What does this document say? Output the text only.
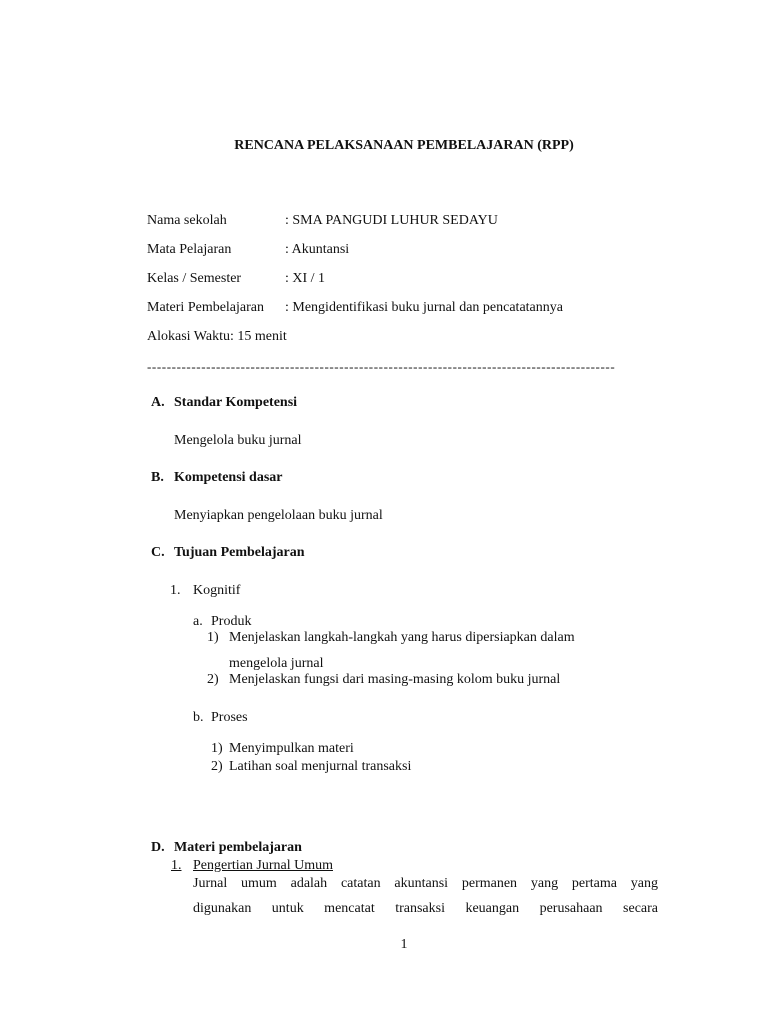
RENCANA PELAKSANAAN PEMBELAJARAN (RPP)
Nama sekolah	: SMA PANGUDI LUHUR SEDAYU
Mata Pelajaran	: Akuntansi
Kelas / Semester	: XI / 1
Materi Pembelajaran : Mengidentifikasi buku jurnal dan pencatatannya
Alokasi Waktu: 15 menit
-----------------------------------------------------------------------------------------------
A. Standar Kompetensi
Mengelola buku jurnal
B. Kompetensi dasar
Menyiapkan pengelolaan buku jurnal
C. Tujuan Pembelajaran
1. Kognitif
a. Produk
1) Menjelaskan langkah-langkah yang harus dipersiapkan dalam
mengelola jurnal
2) Menjelaskan fungsi dari masing-masing kolom buku jurnal
b. Proses
1) Menyimpulkan materi
2) Latihan soal menjurnal transaksi
D. Materi pembelajaran
1. Pengertian Jurnal Umum
Jurnal umum adalah catatan akuntansi permanen yang pertama yang
digunakan untuk mencatat transaksi keuangan perusahaan secara
1
